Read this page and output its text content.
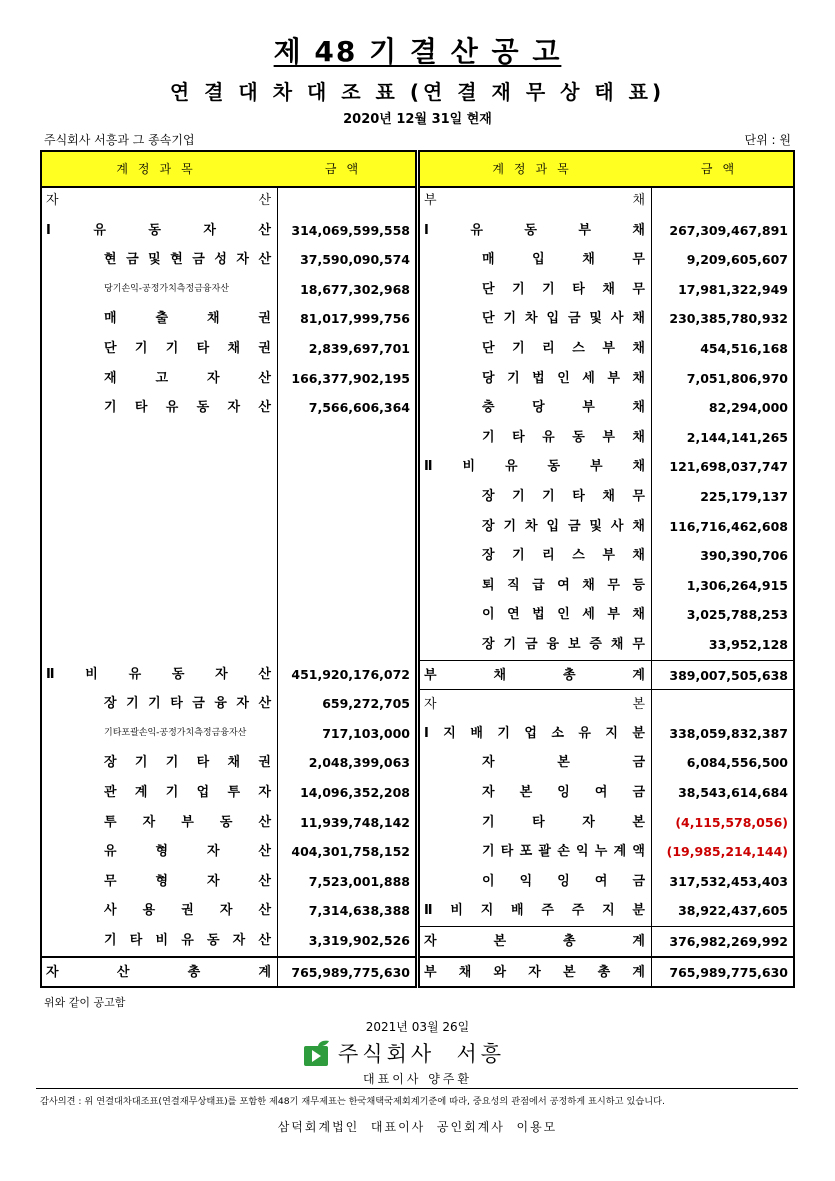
제 48 기 결 산 공 고
연 결 대 차 대 조 표 (연 결 재 무 상 태 표)
2020년 12월 31일 현재
주식회사 서흥과 그 종속기업	단위 : 원
계정과목	금액
자	산
Ⅰ	유	동	자	산	314,069,599,558
현 금 및 현 금 성 자 산	37,590,090,574
당기손익-공정가치측정금융자산	18,677,302,968
매	출	채	권	81,017,999,756
단 기 기 타 채 권	2,839,697,701
재	고	자	산	166,377,902,195
기 타 유 동 자 산	7,566,606,364
Ⅱ 비 유 동 자 산	451,920,176,072
장 기 기 타 금 융 자 산	659,272,705
기타포괄손익-공정가치측정금융자산	717,103,000
장 기 기 타 채 권	2,048,399,063
관 계 기 업 투 자	14,096,352,208
투 자 부 동 산	11,939,748,142
유	형	자	산	404,301,758,152
무	형	자	산	7,523,001,888
사 용 권 자 산	7,314,638,388
기 타 비 유 동 자 산	3,319,902,526
자	산	총	계	765,989,775,630
계정과목	금액
부	채
Ⅰ	유	동	부	채	267,309,467,891
매	입	채	무	9,209,605,607
단 기 기 타 채 무	17,981,322,949
단 기 차 입 금 및 사 채	230,385,780,932
단 기 리 스 부 채	454,516,168
당 기 법 인 세 부 채	7,051,806,970
충	당	부	채	82,294,000
기 타 유 동 부 채	2,144,141,265
Ⅱ 비 유 동 부 채	121,698,037,747
장 기 기 타 채 무	225,179,137
장 기 차 입 금 및 사 채	116,716,462,608
장 기 리 스 부 채	390,390,706
퇴 직 급 여 채 무 등	1,306,264,915
이 연 법 인 세 부 채	3,025,788,253
장 기 금 융 보 증 채 무	33,952,128
부	채	총	계	389,007,505,638
자	본
Ⅰ 지 배 기 업 소 유 지 분	338,059,832,387
자	본	금	6,084,556,500
자 본 잉 여 금	38,543,614,684
기	타	자	본	(4,115,578,056)
기 타 포 괄 손 익 누 계 액	(19,985,214,144)
이 익 잉 여 금	317,532,453,403
Ⅱ 비 지 배 주 주 지 분	38,922,437,605
자	본	총	계	376,982,269,992
부 채 와 자 본 총 계	765,989,775,630
위와 같이 공고함
2021년 03월 26일
주식회사  서흥
대표이사 양주환
감사의견 : 위 연결대차대조표(연결재무상태표)를 포함한 제48기 재무제표는 한국채택국제회계기준에 따라, 중요성의 관점에서 공정하게 표시하고 있습니다.
삼덕회계법인  대표이사  공인회계사  이용모
